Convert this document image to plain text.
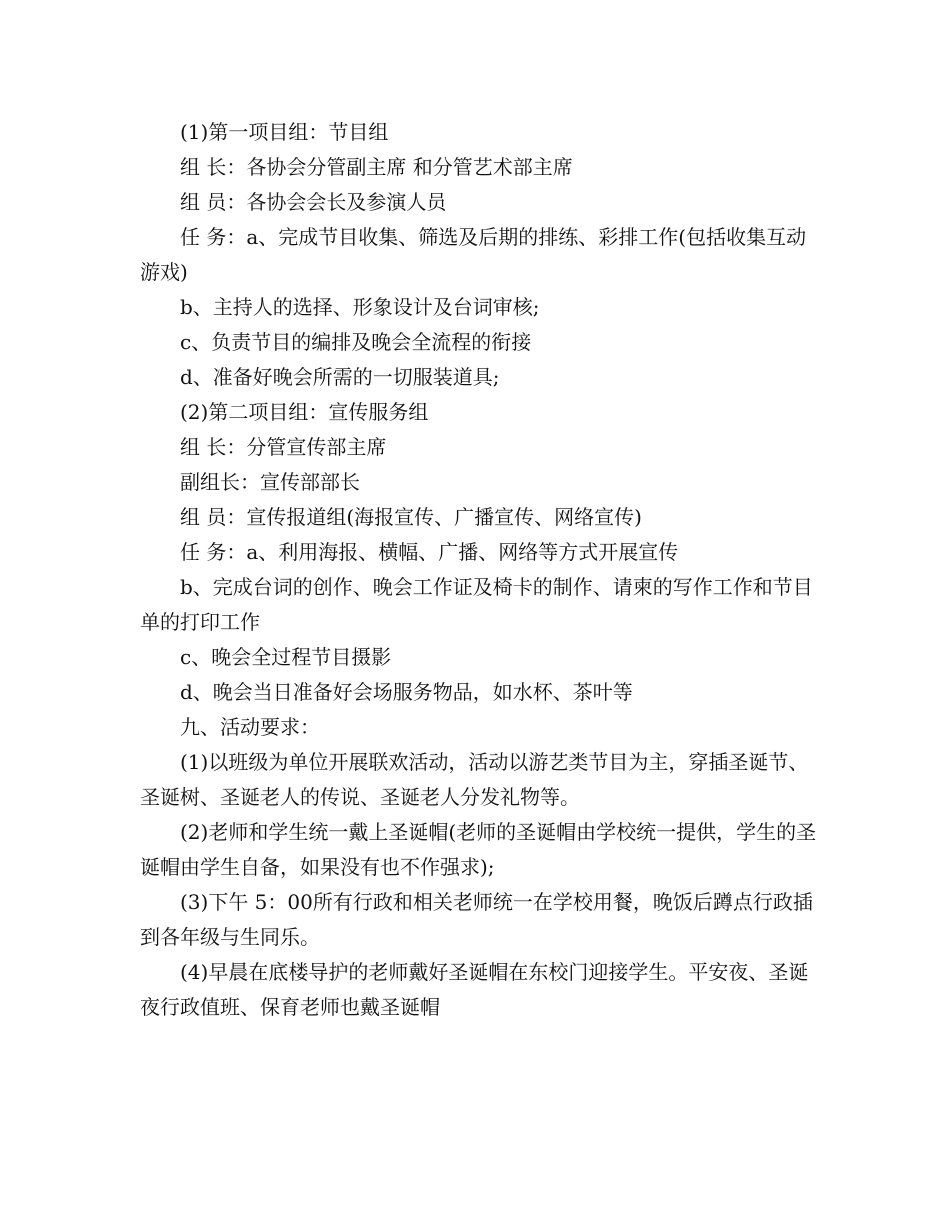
(1)第一项目组：节目组

组 长：各协会分管副主席 和分管艺术部主席

组 员：各协会会长及参演人员

任 务：a、完成节目收集、筛选及后期的排练、彩排工作(包括收集互动游戏)

b、主持人的选择、形象设计及台词审核;

c、负责节目的编排及晚会全流程的衔接

d、准备好晚会所需的一切服装道具;

(2)第二项目组：宣传服务组

组 长：分管宣传部主席

副组长：宣传部部长

组 员：宣传报道组(海报宣传、广播宣传、网络宣传)

任 务：a、利用海报、横幅、广播、网络等方式开展宣传

b、完成台词的创作、晚会工作证及椅卡的制作、请柬的写作工作和节目单的打印工作

c、晚会全过程节目摄影

d、晚会当日准备好会场服务物品，如水杯、茶叶等

九、活动要求：

(1)以班级为单位开展联欢活动，活动以游艺类节目为主，穿插圣诞节、圣诞树、圣诞老人的传说、圣诞老人分发礼物等。

(2)老师和学生统一戴上圣诞帽(老师的圣诞帽由学校统一提供，学生的圣诞帽由学生自备，如果没有也不作强求);

(3)下午 5：00所有行政和相关老师统一在学校用餐，晚饭后蹲点行政插到各年级与生同乐。

(4)早晨在底楼导护的老师戴好圣诞帽在东校门迎接学生。平安夜、圣诞夜行政值班、保育老师也戴圣诞帽
